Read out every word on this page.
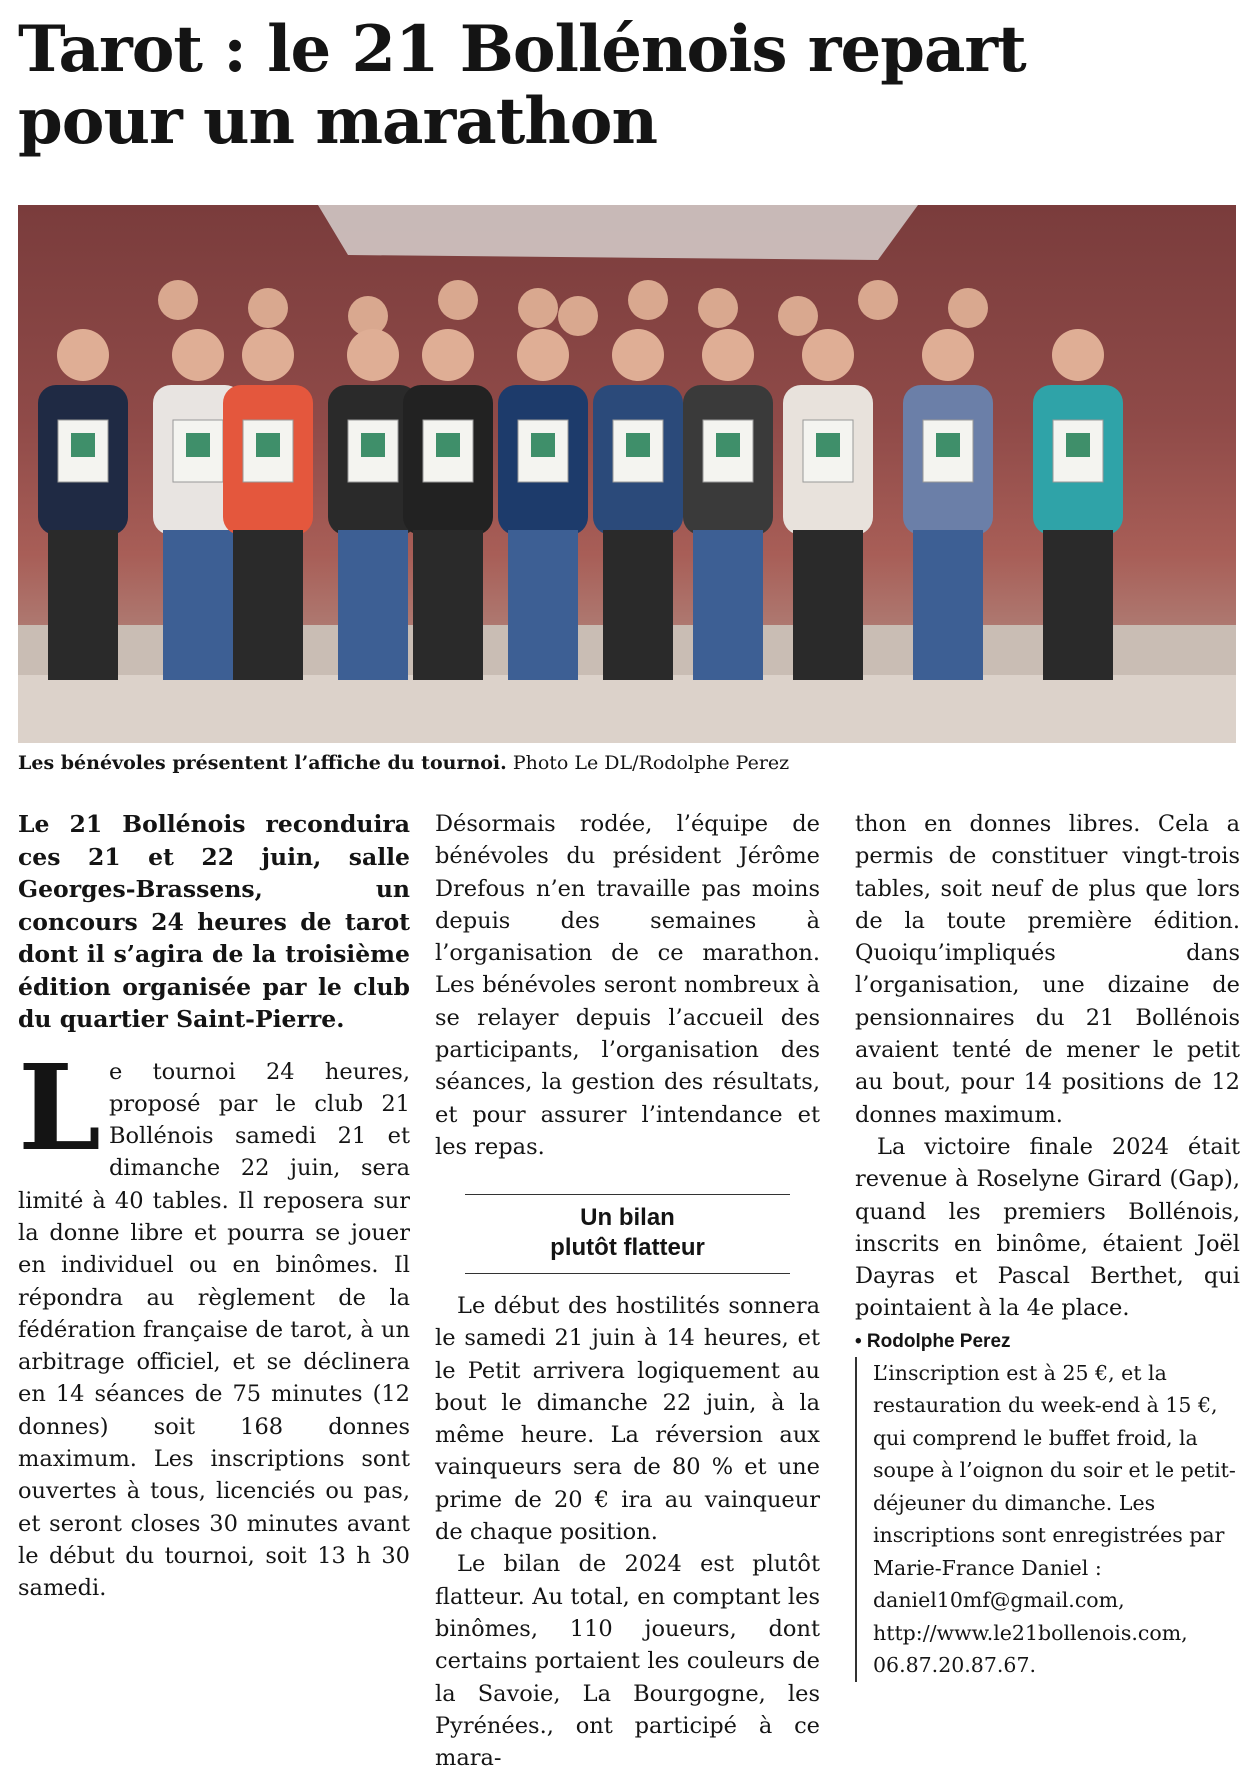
Tarot : le 21 Bollénois repart
pour un marathon
Les bénévoles présentent l’affiche du tournoi. Photo Le DL/Rodolphe Perez

Le 21 Bollénois reconduira ces 21 et 22 juin, salle Georges-Brassens, un concours 24 heures de tarot dont il s’agira de la troisième édition organisée par le club du quartier Saint-Pierre.

Le tournoi 24 heures, proposé par le club 21 Bollénois samedi 21 et dimanche 22 juin, sera limité à 40 tables. Il reposera sur la donne libre et pourra se jouer en individuel ou en binômes. Il répondra au règlement de la fédération française de tarot, à un arbitrage officiel, et se déclinera en 14 séances de 75 minutes (12 donnes) soit 168 donnes maximum. Les inscriptions sont ouvertes à tous, licenciés ou pas, et seront closes 30 minutes avant le début du tournoi, soit 13 h 30 samedi.

Un bilan
plutôt flatteur

Le début des hostilités sonnera le samedi 21 juin à 14 heures, et le Petit arrivera logiquement au bout le dimanche 22 juin, à la même heure. La réversion aux vainqueurs sera de 80 % et une prime de 20 € ira au vainqueur de chaque position.

Le bilan de 2024 est plutôt flatteur. Au total, en comptant les binômes, 110 joueurs, dont certains portaient les couleurs de la Savoie, La Bourgogne, les Pyrénées., ont participé à ce mara-

thon en donnes libres. Cela a permis de constituer vingt-trois tables, soit neuf de plus que lors de la toute première édition. Quoiqu’impliqués dans l’organisation, une dizaine de pensionnaires du 21 Bollénois avaient tenté de mener le petit au bout, pour 14 positions de 12 donnes maximum.

La victoire finale 2024 était revenue à Roselyne Girard (Gap), quand les premiers Bollénois, inscrits en binôme, étaient Joël Dayras et Pascal Berthet, qui pointaient à la 4e place.

• Rodolphe Perez

L’inscription est à 25 €, et la restauration du week-end à 15 €, qui comprend le buffet froid, la soupe à l’oignon du soir et le petit-déjeuner du dimanche. Les inscriptions sont enregistrées par Marie-France Daniel : daniel10mf@gmail.com, http://www.le21bollenois.com, 06.87.20.87.67.

Désormais rodée, l’équipe de bénévoles du président Jérôme Drefous n’en travaille pas moins depuis des semaines à l’organisation de ce marathon. Les bénévoles seront nombreux à se relayer depuis l’accueil des participants, l’organisation des séances, la gestion des résultats, et pour assurer l’intendance et les repas.
